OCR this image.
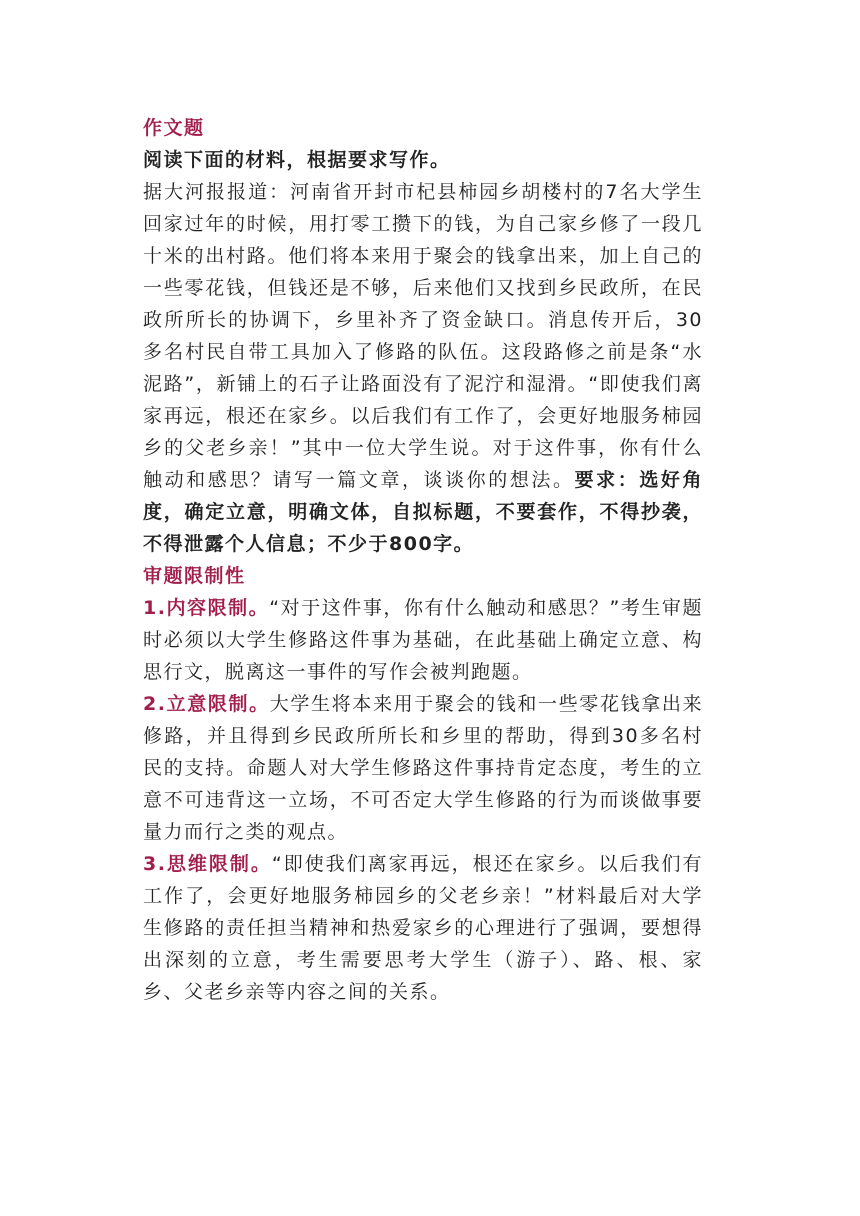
作文题

阅读下面的材料，根据要求写作。

据大河报报道：河南省开封市杞县柿园乡胡楼村的7名大学生回家过年的时候，用打零工攒下的钱，为自己家乡修了一段几十米的出村路。他们将本来用于聚会的钱拿出来，加上自己的一些零花钱，但钱还是不够，后来他们又找到乡民政所，在民政所所长的协调下，乡里补齐了资金缺口。消息传开后，30多名村民自带工具加入了修路的队伍。这段路修之前是条“水泥路”，新铺上的石子让路面没有了泥泞和湿滑。“即使我们离家再远，根还在家乡。以后我们有工作了，会更好地服务柿园乡的父老乡亲！”其中一位大学生说。对于这件事，你有什么触动和感思？请写一篇文章，谈谈你的想法。要求：选好角度，确定立意，明确文体，自拟标题，不要套作，不得抄袭，不得泄露个人信息；不少于800字。

审题限制性

1.内容限制。“对于这件事，你有什么触动和感思？”考生审题时必须以大学生修路这件事为基础，在此基础上确定立意、构思行文，脱离这一事件的写作会被判跑题。

2.立意限制。大学生将本来用于聚会的钱和一些零花钱拿出来修路，并且得到乡民政所所长和乡里的帮助，得到30多名村民的支持。命题人对大学生修路这件事持肯定态度，考生的立意不可违背这一立场，不可否定大学生修路的行为而谈做事要量力而行之类的观点。

3.思维限制。“即使我们离家再远，根还在家乡。以后我们有工作了，会更好地服务柿园乡的父老乡亲！”材料最后对大学生修路的责任担当精神和热爱家乡的心理进行了强调，要想得出深刻的立意，考生需要思考大学生（游子）、路、根、家乡、父老乡亲等内容之间的关系。
